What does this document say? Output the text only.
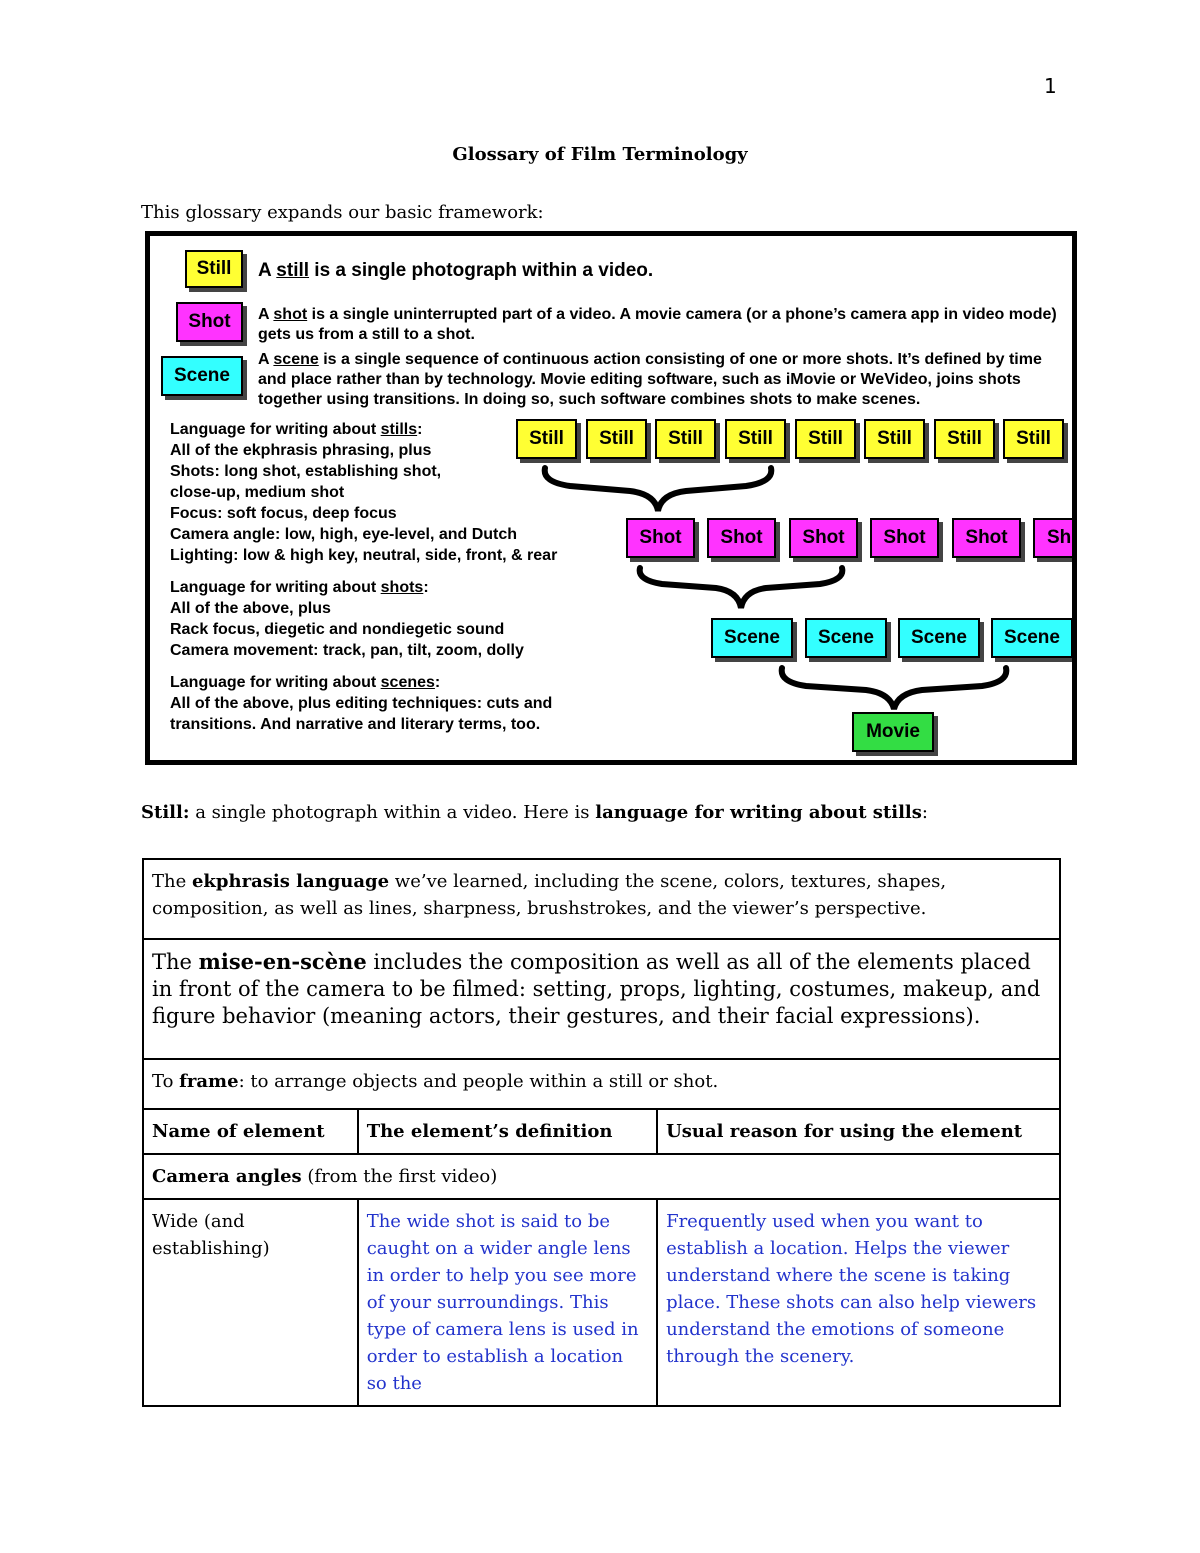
1
Glossary of Film Terminology
This glossary expands our basic framework:
Still
Shot
Scene
A still is a single photograph within a video.
A shot is a single uninterrupted part of a video. A movie camera (or a phone’s camera app in video mode) gets us from a still to a shot.
A scene is a single sequence of continuous action consisting of one or more shots. It’s defined by time and place rather than by technology. Movie editing software, such as iMovie or WeVideo, joins shots together using transitions. In doing so, such software combines shots to make scenes.
Language for writing about stills:
All of the ekphrasis phrasing, plus
Shots: long shot, establishing shot,
close-up, medium shot
Focus: soft focus, deep focus
Camera angle: low, high, eye-level, and Dutch
Lighting: low & high key, neutral, side, front, & rear
Language for writing about shots:
All of the above, plus
Rack focus, diegetic and nondiegetic sound
Camera movement: track, pan, tilt, zoom, dolly
Language for writing about scenes:
All of the above, plus editing techniques: cuts and
transitions. And narrative and literary terms, too.
Still	Still	Still	Still	Still	Still	Still	Still
Shot	Shot	Shot	Shot	Shot	Sh
Scene	Scene	Scene	Scene
Movie
Still: a single photograph within a video. Here is language for writing about stills:
The ekphrasis language we’ve learned, including the scene, colors, textures, shapes, composition, as well as lines, sharpness, brushstrokes, and the viewer’s perspective.		
The mise-en-scène includes the composition as well as all of the elements placed in front of the camera to be filmed: setting, props, lighting, costumes, makeup, and figure behavior (meaning actors, their gestures, and their facial expressions).		
To frame: to arrange objects and people within a still or shot.		
Name of element	The element’s definition	Usual reason for using the element
Camera angles (from the first video)		
Wide (and establishing)	The wide shot is said to be caught on a wider angle lens in order to help you see more of your surroundings. This type of camera lens is used in order to establish a location so the	Frequently used when you want to establish a location. Helps the viewer understand where the scene is taking place. These shots can also help viewers understand the emotions of someone through the scenery.
